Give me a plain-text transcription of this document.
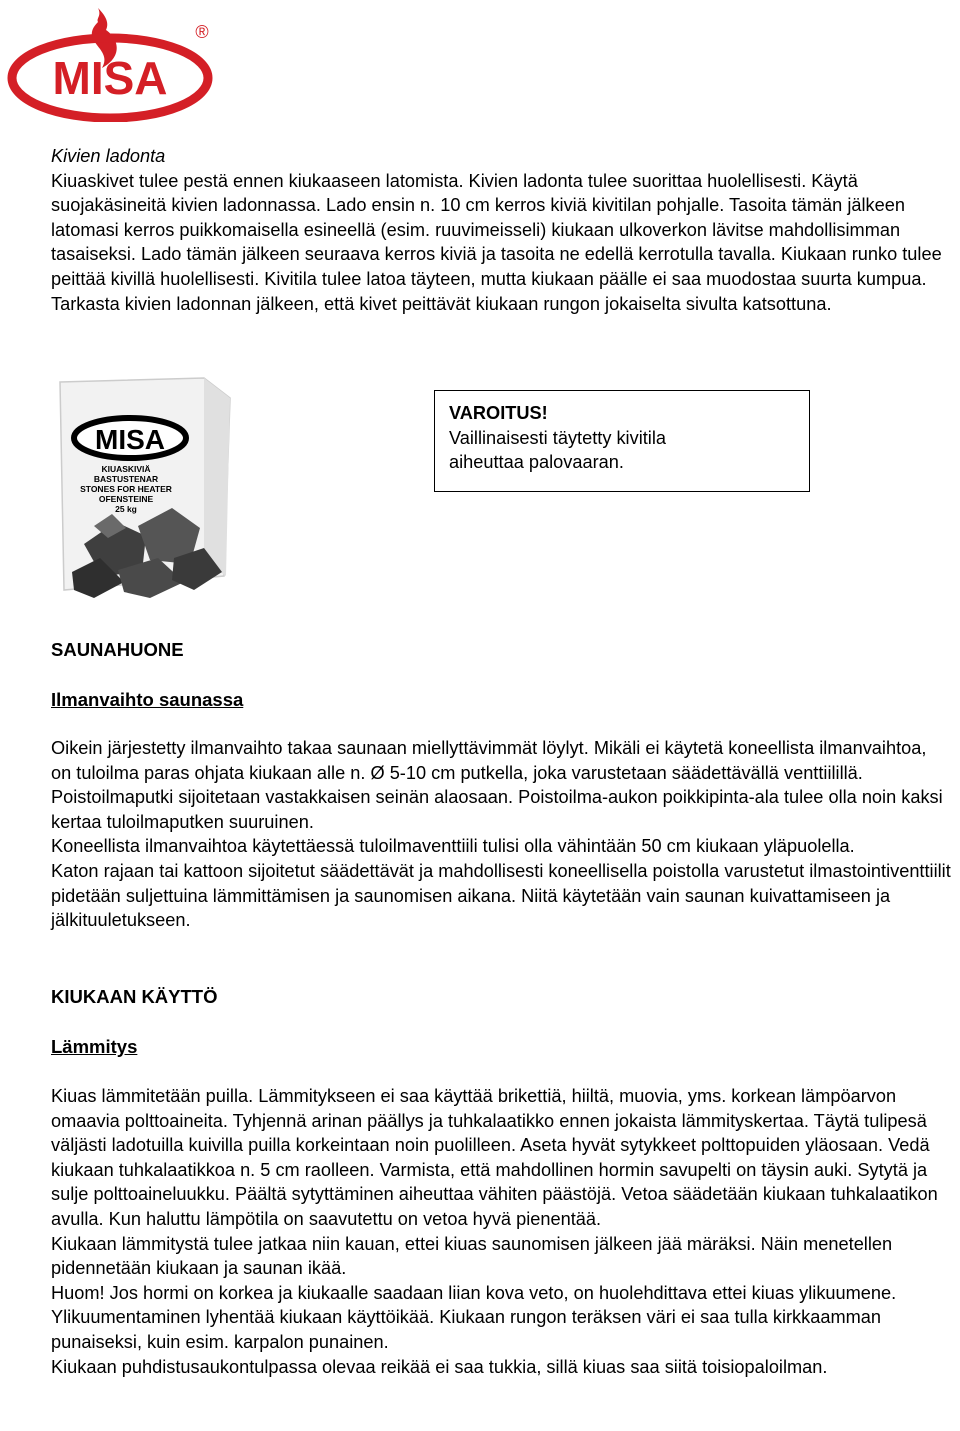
MISA
®

Kivien ladonta

Kiuaskivet tulee pestä ennen kiukaaseen latomista. Kivien ladonta tulee suorittaa huolellisesti. Käytä suojakäsineitä kivien ladonnassa. Lado ensin n. 10 cm kerros kiviä kivitilan pohjalle. Tasoita tämän jälkeen latomasi kerros puikkomaisella esineellä (esim. ruuvimeisseli) kiukaan ulkoverkon lävitse mahdollisimman tasaiseksi. Lado tämän jälkeen seuraava kerros kiviä ja tasoita ne edellä kerrotulla tavalla. Kiukaan runko tulee peittää kivillä huolellisesti. Kivitila tulee latoa täyteen, mutta kiukaan päälle ei saa muodostaa suurta kumpua. Tarkasta kivien ladonnan jälkeen, että kivet peittävät kiukaan rungon jokaiselta sivulta katsottuna.

MISA
KIUASKIVIÄ
BASTUSTENAR
STONES FOR HEATER
OFENSTEINE
25 kg
VAROITUS!
Vaillinaisesti täytetty kivitila
aiheuttaa palovaaran.
SAUNAHUONE
Ilmanvaihto saunassa

Oikein järjestetty ilmanvaihto takaa saunaan miellyttävimmät löylyt. Mikäli ei käytetä koneellista ilmanvaihtoa, on tuloilma paras ohjata kiukaan alle n. Ø 5-10 cm putkella, joka varustetaan säädettävällä venttiilillä. Poistoilmaputki sijoitetaan vastakkaisen seinän alaosaan. Poistoilma-aukon poikkipinta-ala tulee olla noin kaksi kertaa tuloilmaputken suuruinen.

Koneellista ilmanvaihtoa käytettäessä tuloilmaventtiili tulisi olla vähintään 50 cm kiukaan yläpuolella.

Katon rajaan tai kattoon sijoitetut säädettävät ja mahdollisesti koneellisella poistolla varustetut ilmastointiventtiilit pidetään suljettuina lämmittämisen ja saunomisen aikana. Niitä käytetään vain saunan kuivattamiseen ja jälkituuletukseen.

KIUKAAN KÄYTTÖ
Lämmitys

Kiuas lämmitetään puilla. Lämmitykseen ei saa käyttää brikettiä, hiiltä, muovia, yms. korkean lämpöarvon omaavia polttoaineita. Tyhjennä arinan päällys ja tuhkalaatikko ennen jokaista lämmityskertaa. Täytä tulipesä väljästi ladotuilla kuivilla puilla korkeintaan noin puolilleen. Aseta hyvät sytykkeet polttopuiden yläosaan. Vedä kiukaan tuhkalaatikkoa n. 5 cm raolleen. Varmista, että mahdollinen hormin savupelti on täysin auki. Sytytä ja sulje polttoaineluukku. Päältä sytyttäminen aiheuttaa vähiten päästöjä. Vetoa säädetään kiukaan tuhkalaatikon avulla. Kun haluttu lämpötila on saavutettu on vetoa hyvä pienentää.

Kiukaan lämmitystä tulee jatkaa niin kauan, ettei kiuas saunomisen jälkeen jää märäksi. Näin menetellen pidennetään kiukaan ja saunan ikää.

Huom! Jos hormi on korkea ja kiukaalle saadaan liian kova veto, on huolehdittava ettei kiuas ylikuumene. Ylikuumentaminen lyhentää kiukaan käyttöikää. Kiukaan rungon teräksen väri ei saa tulla kirkkaamman punaiseksi, kuin esim. karpalon punainen.

Kiukaan puhdistusaukontulpassa olevaa reikää ei saa tukkia, sillä kiuas saa siitä toisiopaloilman.
